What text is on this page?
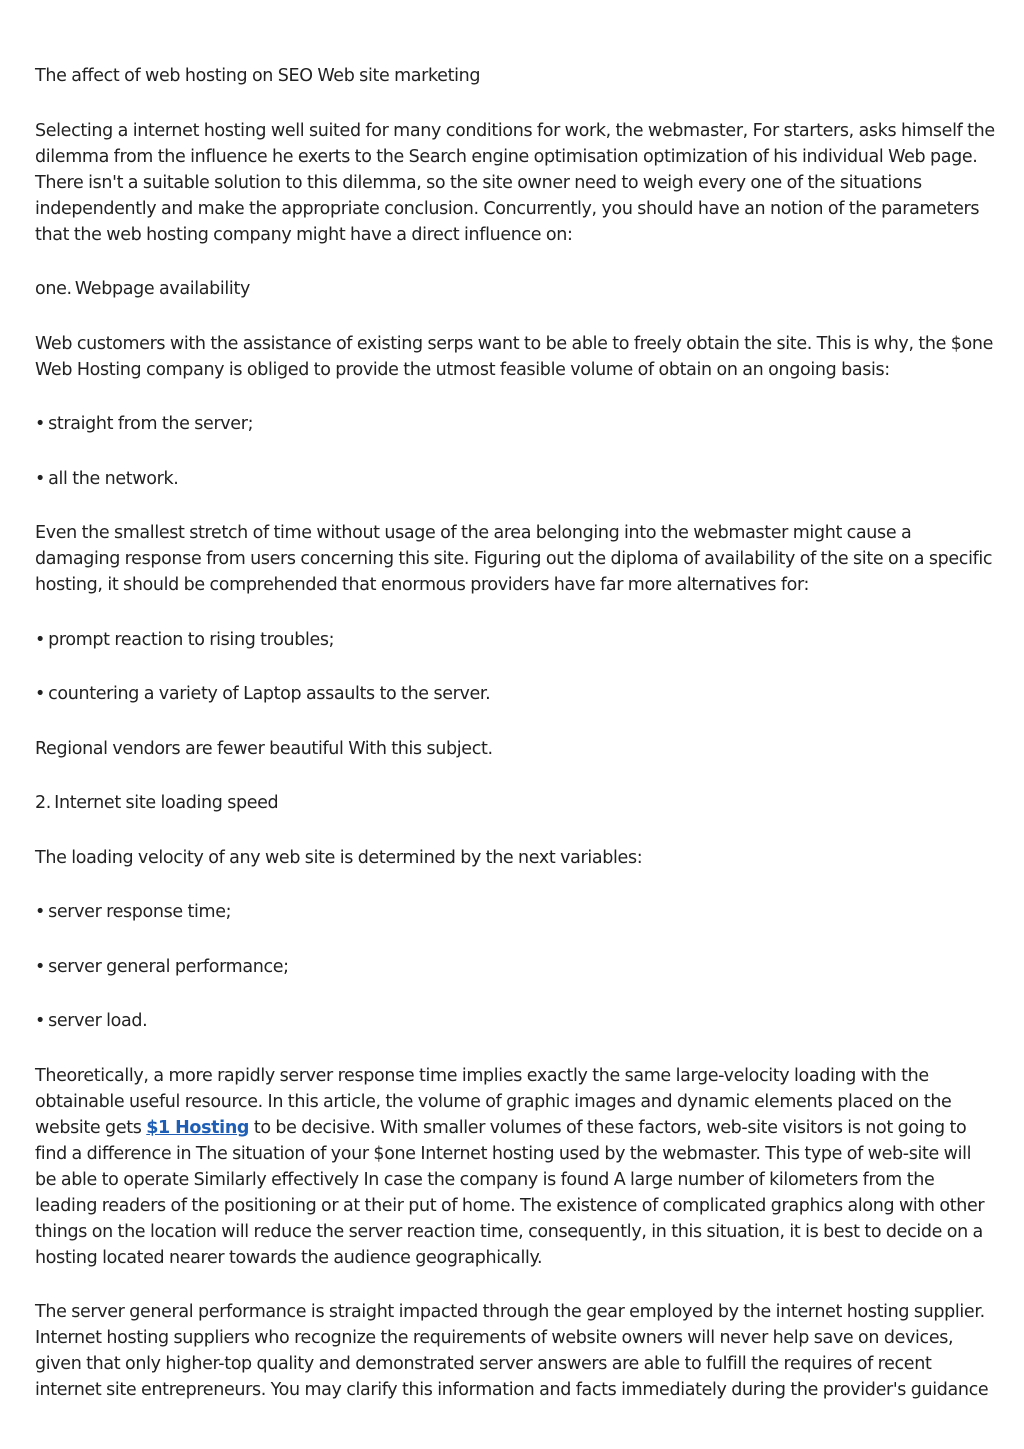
The affect of web hosting on SEO Web site marketing

Selecting a internet hosting well suited for many conditions for work, the webmaster, For starters, asks himself the dilemma from the influence he exerts to the Search engine optimisation optimization of his individual Web page. There isn't a suitable solution to this dilemma, so the site owner need to weigh every one of the situations independently and make the appropriate conclusion. Concurrently, you should have an notion of the parameters that the web hosting company might have a direct influence on:

one. Webpage availability

Web customers with the assistance of existing serps want to be able to freely obtain the site. This is why, the $one Web Hosting company is obliged to provide the utmost feasible volume of obtain on an ongoing basis:

• straight from the server;

• all the network.

Even the smallest stretch of time without usage of the area belonging into the webmaster might cause a damaging response from users concerning this site. Figuring out the diploma of availability of the site on a specific hosting, it should be comprehended that enormous providers have far more alternatives for:

• prompt reaction to rising troubles;

• countering a variety of Laptop assaults to the server.

Regional vendors are fewer beautiful With this subject.

2. Internet site loading speed

The loading velocity of any web site is determined by the next variables:

• server response time;

• server general performance;

• server load.

Theoretically, a more rapidly server response time implies exactly the same large-velocity loading with the obtainable useful resource. In this article, the volume of graphic images and dynamic elements placed on the website gets $1 Hosting to be decisive. With smaller volumes of these factors, web-site visitors is not going to find a difference in The situation of your $one Internet hosting used by the webmaster. This type of web-site will be able to operate Similarly effectively In case the company is found A large number of kilometers from the leading readers of the positioning or at their put of home. The existence of complicated graphics along with other things on the location will reduce the server reaction time, consequently, in this situation, it is best to decide on a hosting located nearer towards the audience geographically.

The server general performance is straight impacted through the gear employed by the internet hosting supplier. Internet hosting suppliers who recognize the requirements of website owners will never help save on devices, given that only higher-top quality and demonstrated server answers are able to fulfill the requires of recent internet site entrepreneurs. You may clarify this information and facts immediately during the provider's guidance
